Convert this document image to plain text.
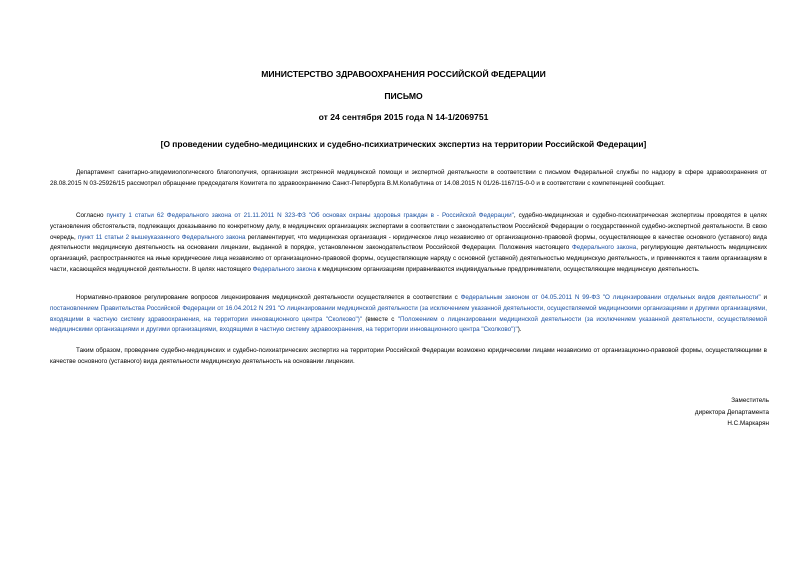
МИНИСТЕРСТВО ЗДРАВООХРАНЕНИЯ РОССИЙСКОЙ ФЕДЕРАЦИИ

ПИСЬМО

от 24 сентября 2015 года N 14-1/2069751

[О проведении судебно-медицинских и судебно-психиатрических экспертиз на территории Российской Федерации]

Департамент санитарно-эпидемиологического благополучия, организации экстренной медицинской помощи и экспертной деятельности в соответствии с письмом Федеральной службы по надзору в сфере здравоохранения от 28.08.2015 N 03-25926/15 рассмотрел обращение председателя Комитета по здравоохранению Санкт-Петербурга В.М.Колабутина от 14.08.2015 N 01/26-1167/15-0-0 и в соответствии с компетенцией сообщает.

Согласно пункту 1 статьи 62 Федерального закона от 21.11.2011 N 323-ФЗ "Об основах охраны здоровья граждан в - Российской Федерации", судебно-медицинская и судебно-психиатрическая экспертизы проводятся в целях установления обстоятельств, подлежащих доказыванию по конкретному делу, в медицинских организациях экспертами в соответствии с законодательством Российской Федерации о государственной судебно-экспертной деятельности. В свою очередь, пункт 11 статьи 2 вышеуказанного Федерального закона регламентирует, что медицинская организация - юридическое лицо независимо от организационно-правовой формы, осуществляющее в качестве основного (уставного) вида деятельности медицинскую деятельность на основании лицензии, выданной в порядке, установленном законодательством Российской Федерации. Положения настоящего Федерального закона, регулирующие деятельность медицинских организаций, распространяются на иные юридические лица независимо от организационно-правовой формы, осуществляющие наряду с основной (уставной) деятельностью медицинскую деятельность, и применяются к таким организациям в части, касающейся медицинской деятельности. В целях настоящего Федерального закона к медицинским организациям приравниваются индивидуальные предприниматели, осуществляющие медицинскую деятельность.

Нормативно-правовое регулирование вопросов лицензирования медицинской деятельности осуществляется в соответствии с Федеральным законом от 04.05.2011 N 99-ФЗ "О лицензировании отдельных видов деятельности" и постановлением Правительства Российской Федерации от 16.04.2012 N 291 "О лицензировании медицинской деятельности (за исключением указанной деятельности, осуществляемой медицинскими организациями и другими организациями, входящими в частную систему здравоохранения, на территории инновационного центра "Сколково")" (вместе с "Положением о лицензировании медицинской деятельности (за исключением указанной деятельности, осуществляемой медицинскими организациями и другими организациями, входящими в частную систему здравоохранения, на территории инновационного центра "Сколково")").

Таким образом, проведение судебно-медицинских и судебно-психиатрических экспертиз на территории Российской Федерации возможно юридическими лицами независимо от организационно-правовой формы, осуществляющими в качестве основного (уставного) вида деятельности медицинскую деятельность на основании лицензии.

Заместитель
директора Департамента
Н.С.Маркарян
